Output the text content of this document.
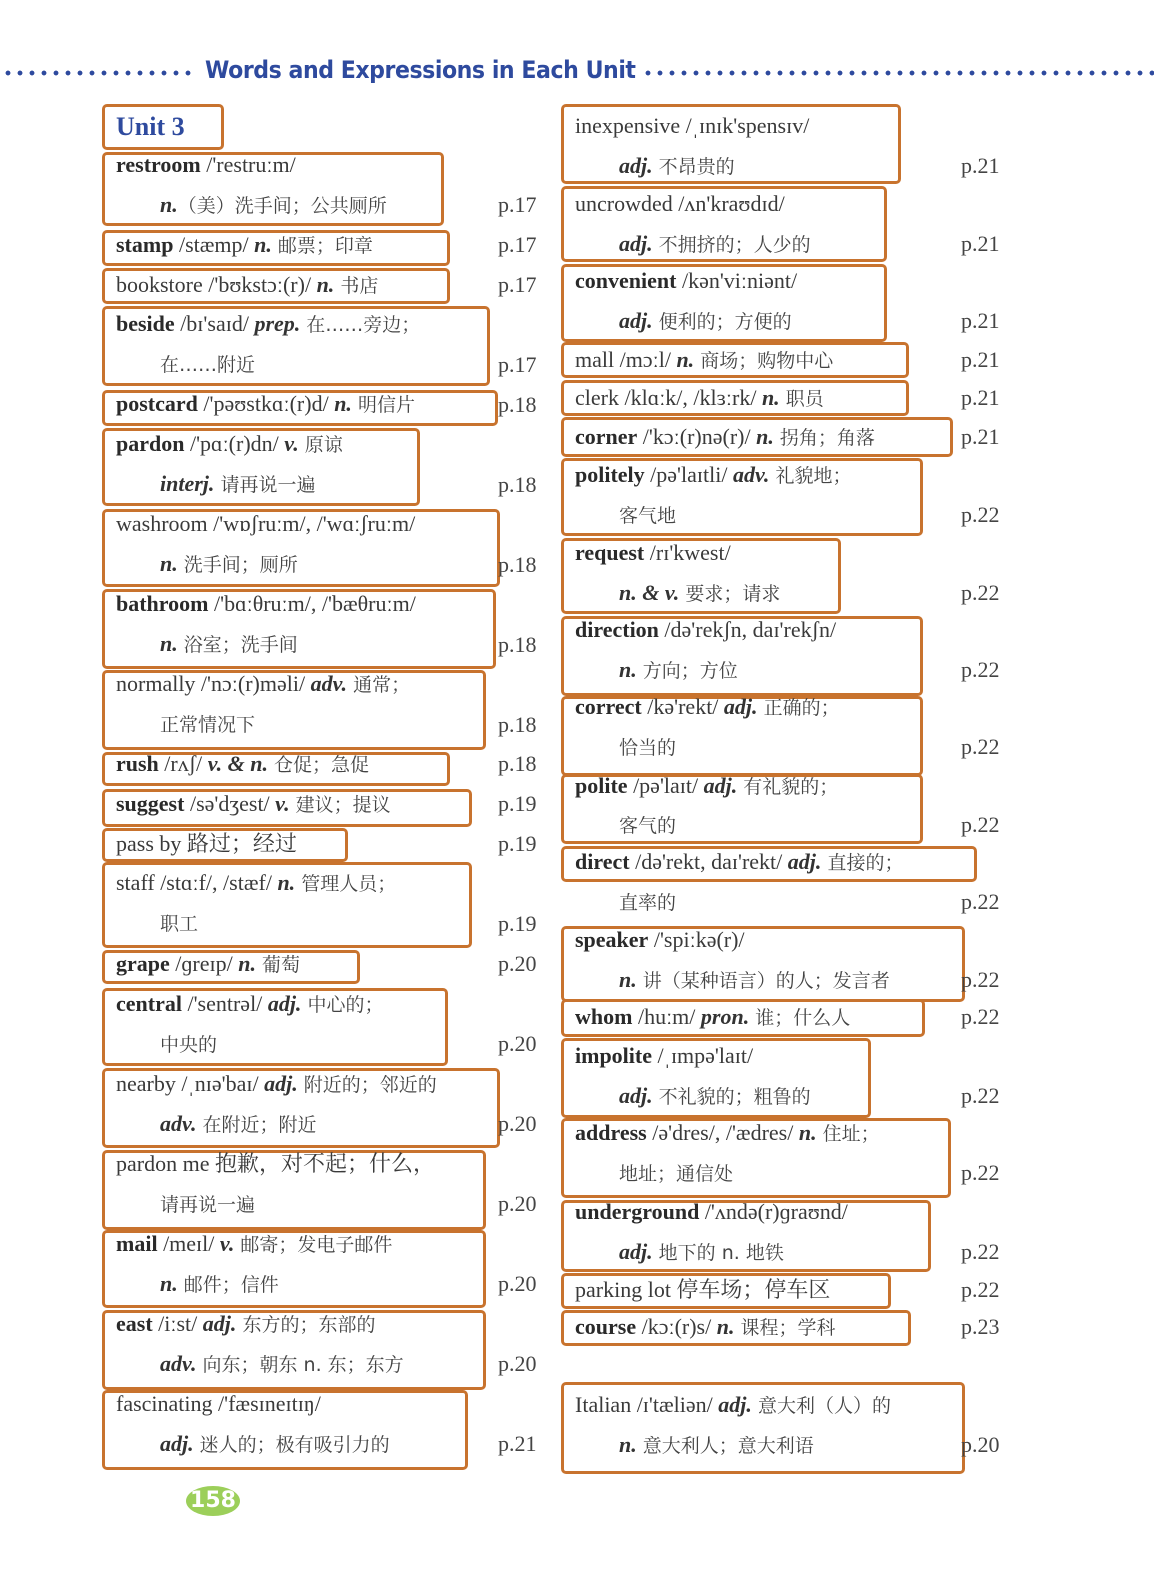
Words and Expressions in Each Unit
Unit 3
restroom /'restruːm/
n.（美）洗手间；公共厕所	p.17
stamp /stæmp/ n. 邮票；印章	p.17
bookstore /'bʊkstɔː(r)/ n. 书店	p.17
beside /bɪ'saɪd/ prep. 在……旁边；
在……附近	p.17
postcard /'pəʊstkɑː(r)d/ n. 明信片	p.18
pardon /'pɑː(r)dn/ v. 原谅
interj. 请再说一遍	p.18
washroom /'wɒʃruːm/, /'wɑːʃruːm/
n. 洗手间；厕所	p.18
bathroom /'bɑːθruːm/, /'bæθruːm/
n. 浴室；洗手间	p.18
normally /'nɔː(r)məli/ adv. 通常；
正常情况下	p.18
rush /rʌʃ/ v. & n. 仓促；急促	p.18
suggest /sə'dʒest/ v. 建议；提议	p.19
pass by 路过；经过	p.19
staff /stɑːf/, /stæf/ n. 管理人员；
职工	p.19
grape /ɡreɪp/ n. 葡萄	p.20
central /'sentrəl/ adj. 中心的；
中央的	p.20
nearby /ˌnɪə'baɪ/ adj. 附近的；邻近的
adv. 在附近；附近	p.20
pardon me 抱歉，对不起；什么，
请再说一遍	p.20
mail /meɪl/ v. 邮寄；发电子邮件
n. 邮件；信件	p.20
east /iːst/ adj. 东方的；东部的
adv. 向东；朝东 n. 东；东方	p.20
fascinating /'fæsɪneɪtɪŋ/
adj. 迷人的；极有吸引力的	p.21
inexpensive /ˌɪnɪk'spensɪv/
adj. 不昂贵的	p.21
uncrowded /ʌn'kraʊdɪd/
adj. 不拥挤的；人少的	p.21
convenient /kən'viːniənt/
adj. 便利的；方便的	p.21
mall /mɔːl/ n. 商场；购物中心	p.21
clerk /klɑːk/, /klɜːrk/ n. 职员	p.21
corner /'kɔː(r)nə(r)/ n. 拐角；角落	p.21
politely /pə'laɪtli/ adv. 礼貌地；
客气地	p.22
request /rɪ'kwest/
n. & v. 要求；请求	p.22
direction /də'rekʃn, daɪ'rekʃn/
n. 方向；方位	p.22
correct /kə'rekt/ adj. 正确的；
恰当的	p.22
polite /pə'laɪt/ adj. 有礼貌的；
客气的	p.22
direct /də'rekt, daɪ'rekt/ adj. 直接的；
直率的	p.22
speaker /'spiːkə(r)/
n. 讲（某种语言）的人；发言者	p.22
whom /huːm/ pron. 谁；什么人	p.22
impolite /ˌɪmpə'laɪt/
adj. 不礼貌的；粗鲁的	p.22
address /ə'dres/, /'ædres/ n. 住址；
地址；通信处	p.22
underground /'ʌndə(r)ɡraʊnd/
adj. 地下的 n. 地铁	p.22
parking lot 停车场；停车区	p.22
course /kɔː(r)s/ n. 课程；学科	p.23
Italian /ɪ'tæliən/ adj. 意大利（人）的
n. 意大利人；意大利语	p.20
158
